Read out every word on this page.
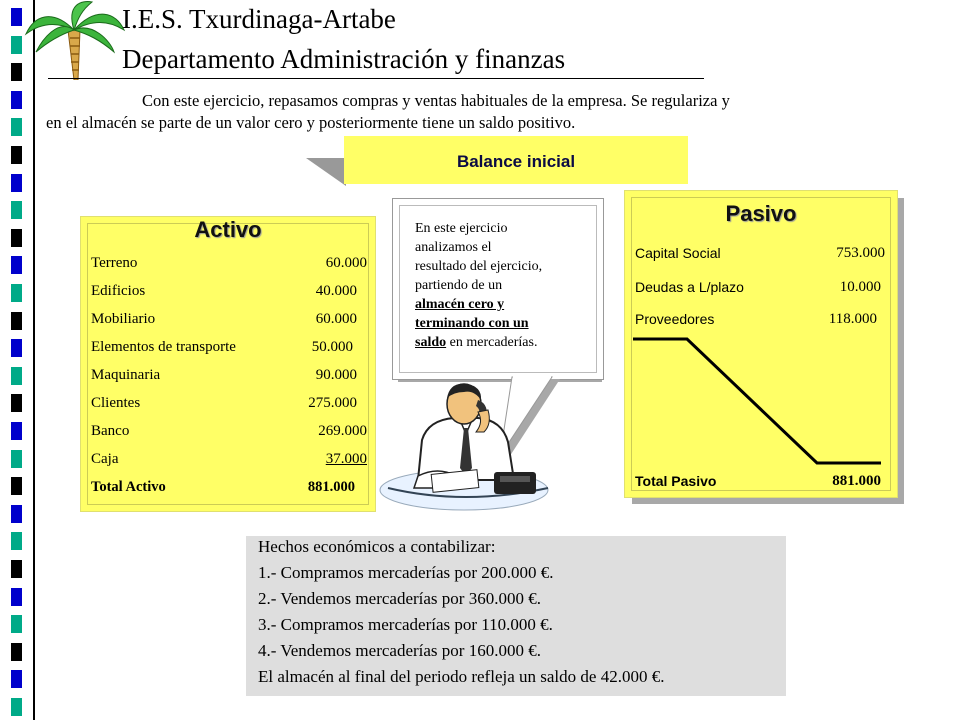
I.E.S. Txurdinaga-Artabe
Departamento Administración y finanzas
Con este ejercicio, repasamos compras y ventas habituales de la empresa. Se regulariza y
en el almacén se parte de un valor cero y posteriormente tiene un saldo positivo.
Balance inicial
Activo
Terreno	60.000
Edificios	40.000
Mobiliario	60.000
Elementos de transporte	50.000
Maquinaria	90.000
Clientes	275.000
Banco	269.000
Caja	37.000
Total Activo	881.000
En este ejercicio
analizamos el
resultado del ejercicio,
partiendo de un
almacén cero y
terminando con un
saldo en mercaderías.
Pasivo
Capital Social	753.000
Deudas a L/plazo	10.000
Proveedores	118.000
Total Pasivo	881.000
Hechos económicos a contabilizar:
1.- Compramos mercaderías por 200.000 €.
2.- Vendemos mercaderías por 360.000 €.
3.- Compramos mercaderías por 110.000 €.
4.- Vendemos mercaderías por 160.000 €.
El almacén al final del periodo refleja un saldo de 42.000 €.
